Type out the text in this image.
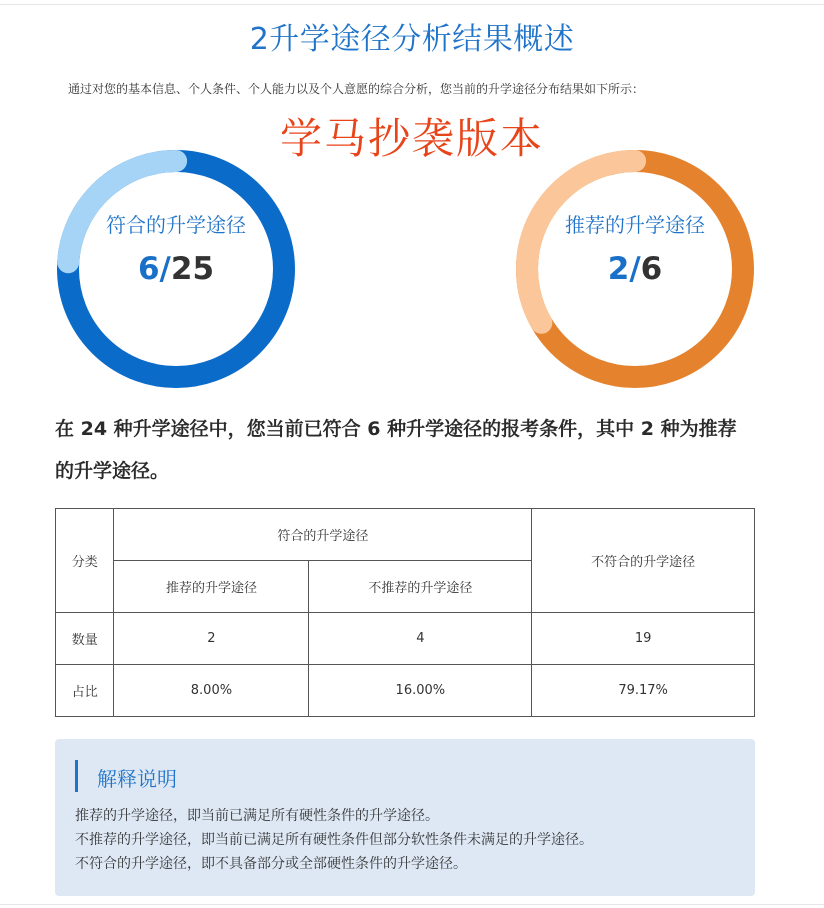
2升学途径分析结果概述
通过对您的基本信息、个人条件、个人能力以及个人意愿的综合分析，您当前的升学途径分布结果如下所示：
学马抄袭版本
符合的升学途径
6/25
推荐的升学途径
2/6
在 24 种升学途径中，您当前已符合 6 种升学途径的报考条件，其中 2 种为推荐的升学途径。
分类	符合的升学途径		不符合的升学途径
	推荐的升学途径	不推荐的升学途径	
数量	2	4	19
占比	8.00%	16.00%	79.17%
解释说明
推荐的升学途径，即当前已满足所有硬性条件的升学途径。
不推荐的升学途径，即当前已满足所有硬性条件但部分软性条件未满足的升学途径。
不符合的升学途径，即不具备部分或全部硬性条件的升学途径。
